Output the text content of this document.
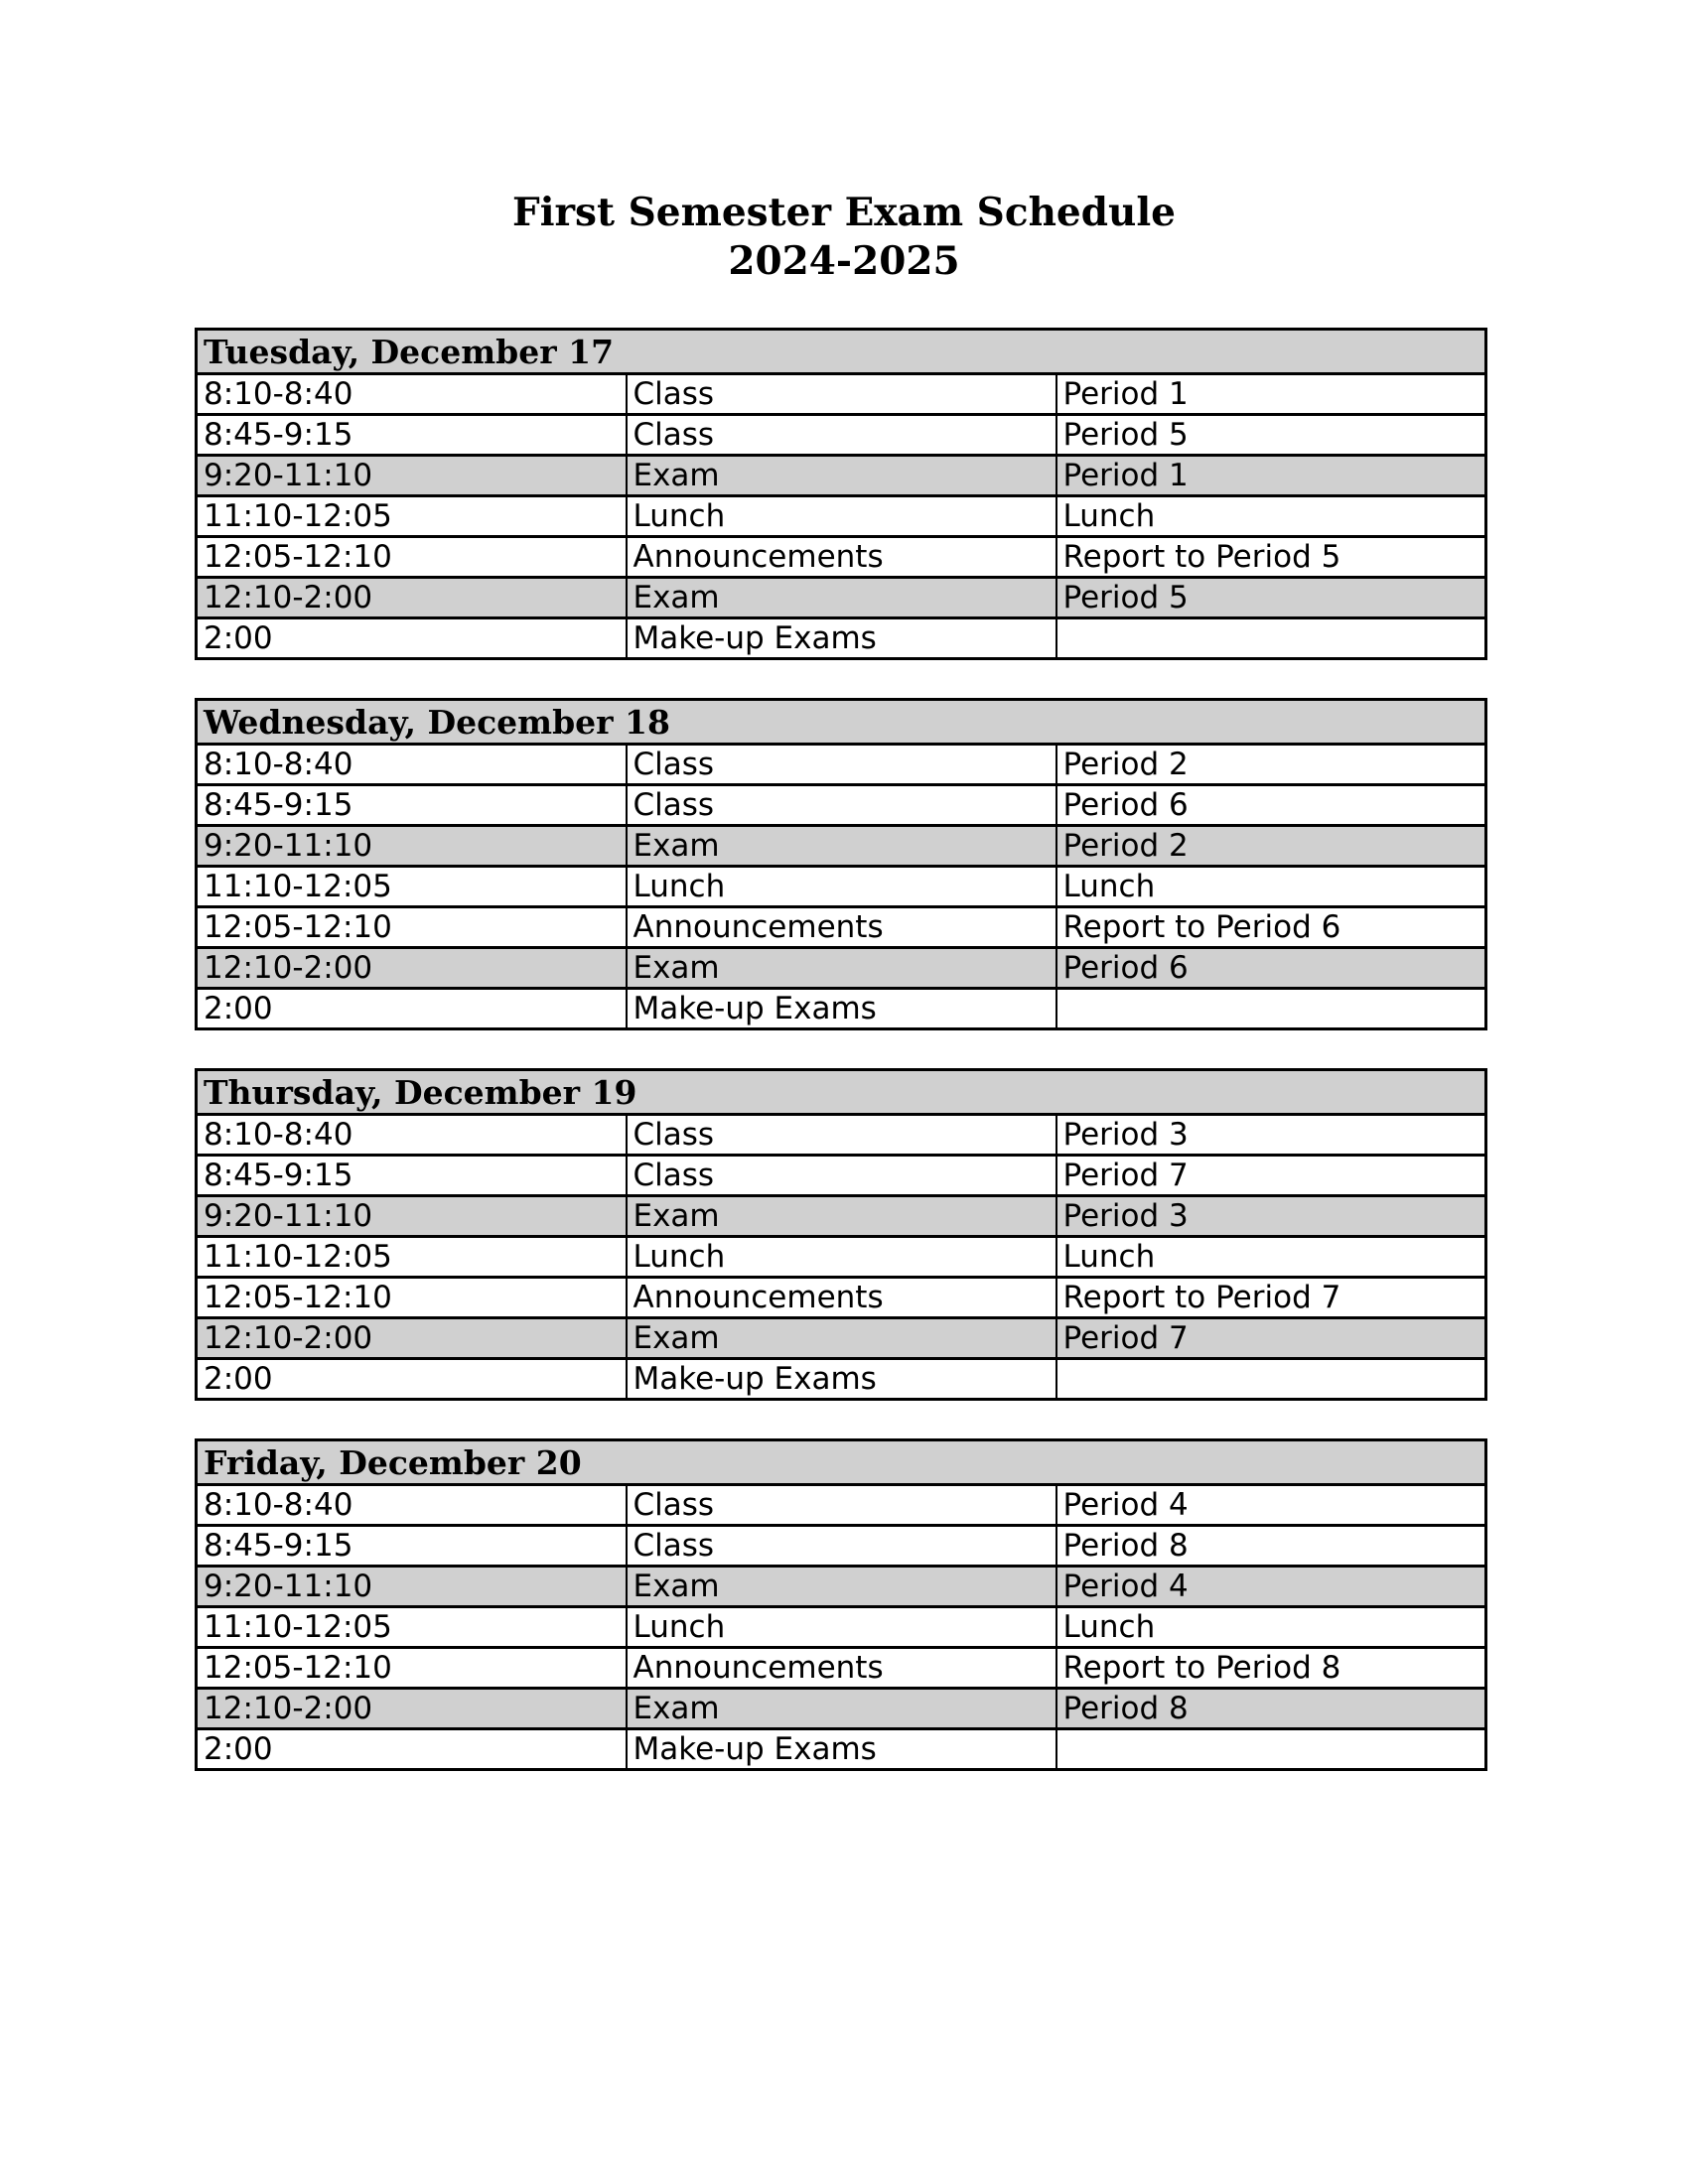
First Semester Exam Schedule
2024-2025
Tuesday, December 17		
8:10-8:40	Class	Period 1
8:45-9:15	Class	Period 5
9:20-11:10	Exam	Period 1
11:10-12:05	Lunch	Lunch
12:05-12:10	Announcements	Report to Period 5
12:10-2:00	Exam	Period 5
2:00	Make-up Exams	
Wednesday, December 18		
8:10-8:40	Class	Period 2
8:45-9:15	Class	Period 6
9:20-11:10	Exam	Period 2
11:10-12:05	Lunch	Lunch
12:05-12:10	Announcements	Report to Period 6
12:10-2:00	Exam	Period 6
2:00	Make-up Exams	
Thursday, December 19		
8:10-8:40	Class	Period 3
8:45-9:15	Class	Period 7
9:20-11:10	Exam	Period 3
11:10-12:05	Lunch	Lunch
12:05-12:10	Announcements	Report to Period 7
12:10-2:00	Exam	Period 7
2:00	Make-up Exams	
Friday, December 20		
8:10-8:40	Class	Period 4
8:45-9:15	Class	Period 8
9:20-11:10	Exam	Period 4
11:10-12:05	Lunch	Lunch
12:05-12:10	Announcements	Report to Period 8
12:10-2:00	Exam	Period 8
2:00	Make-up Exams	
